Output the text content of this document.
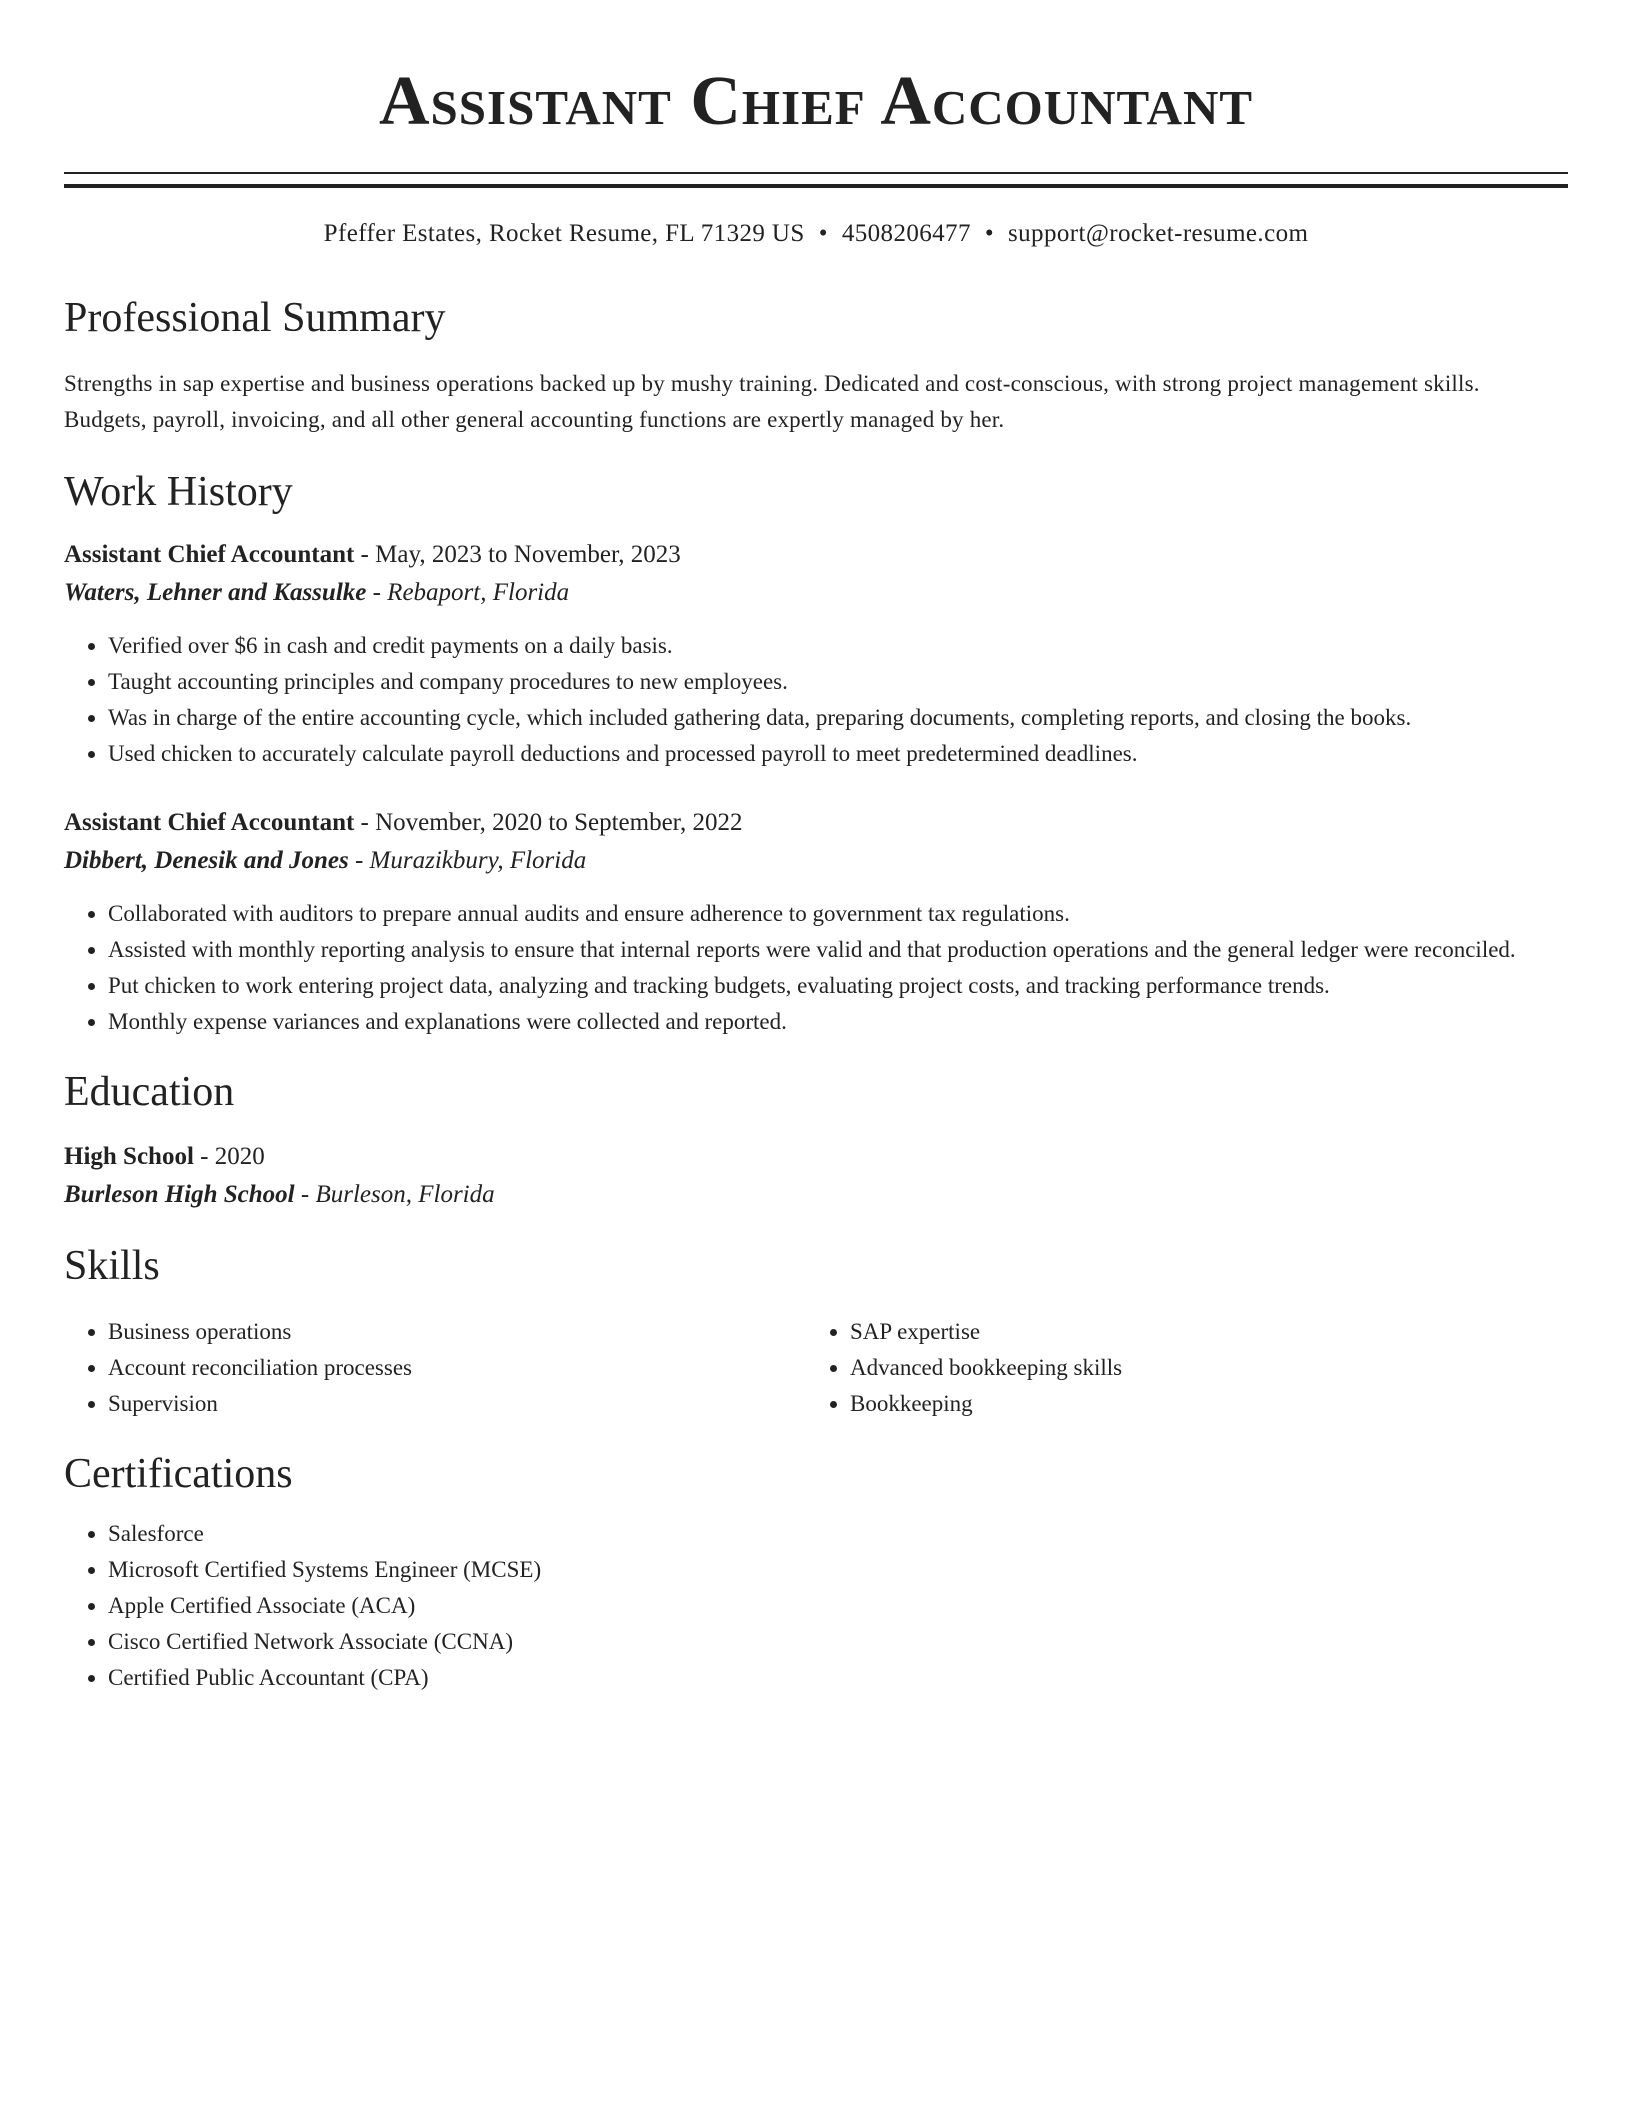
Assistant Chief Accountant
Pfeffer Estates, Rocket Resume, FL 71329 US • 4508206477 • support@rocket-resume.com
Professional Summary
Strengths in sap expertise and business operations backed up by mushy training. Dedicated and cost-conscious, with strong project management skills. Budgets, payroll, invoicing, and all other general accounting functions are expertly managed by her.
Work History
Assistant Chief Accountant - May, 2023 to November, 2023
Waters, Lehner and Kassulke - Rebaport, Florida
• Verified over $6 in cash and credit payments on a daily basis.
• Taught accounting principles and company procedures to new employees.
• Was in charge of the entire accounting cycle, which included gathering data, preparing documents, completing reports, and closing the books.
• Used chicken to accurately calculate payroll deductions and processed payroll to meet predetermined deadlines.
Assistant Chief Accountant - November, 2020 to September, 2022
Dibbert, Denesik and Jones - Murazikbury, Florida
• Collaborated with auditors to prepare annual audits and ensure adherence to government tax regulations.
• Assisted with monthly reporting analysis to ensure that internal reports were valid and that production operations and the general ledger were reconciled.
• Put chicken to work entering project data, analyzing and tracking budgets, evaluating project costs, and tracking performance trends.
• Monthly expense variances and explanations were collected and reported.
Education
High School - 2020
Burleson High School - Burleson, Florida
Skills
• Business operations
• Account reconciliation processes
• Supervision
• SAP expertise
• Advanced bookkeeping skills
• Bookkeeping
Certifications
• Salesforce
• Microsoft Certified Systems Engineer (MCSE)
• Apple Certified Associate (ACA)
• Cisco Certified Network Associate (CCNA)
• Certified Public Accountant (CPA)
